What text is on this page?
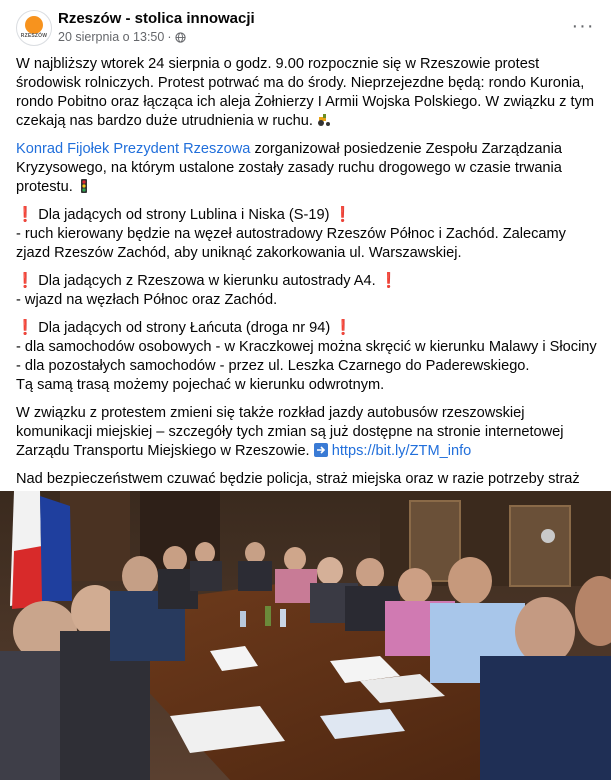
RZESZÓW
Rzeszów - stolica innowacji
20 sierpnia o 13:50 ·	···

W najbliższy wtorek 24 sierpnia o godz. 9.00 rozpocznie się w Rzeszowie protest środowisk rolniczych. Protest potrwać ma do środy. Nieprzejezdne będą: rondo Kuronia, rondo Pobitno oraz łącząca ich aleja Żołnierzy I Armii Wojska Polskiego. W związku z tym czekają nas bardzo duże utrudnienia w ruchu.

Konrad Fijołek Prezydent Rzeszowa zorganizował posiedzenie Zespołu Zarządzania Kryzysowego, na którym ustalone zostały zasady ruchu drogowego w czasie trwania protestu.

❗ Dla jadących od strony Lublina i Niska (S-19) ❗
- ruch kierowany będzie na węzeł autostradowy Rzeszów Północ i Zachód. Zalecamy zjazd Rzeszów Zachód, aby uniknąć zakorkowania ul. Warszawskiej.

❗ Dla jadących z Rzeszowa w kierunku autostrady A4. ❗
- wjazd na węzłach Północ oraz Zachód.

❗ Dla jadących od strony Łańcuta (droga nr 94) ❗
- dla samochodów osobowych - w Kraczkowej można skręcić w kierunku Malawy i Słociny
- dla pozostałych samochodów - przez ul. Leszka Czarnego do Paderewskiego.
Tą samą trasą możemy pojechać w kierunku odwrotnym.

W związku z protestem zmieni się także rozkład jazdy autobusów rzeszowskiej komunikacji miejskiej – szczegóły tych zmian są już dostępne na stronie internetowej Zarządu Transportu Miejskiego w Rzeszowie. https://bit.ly/ZTM_info

Nad bezpieczeństwem czuwać będzie policja, straż miejska oraz w razie potrzeby straż
